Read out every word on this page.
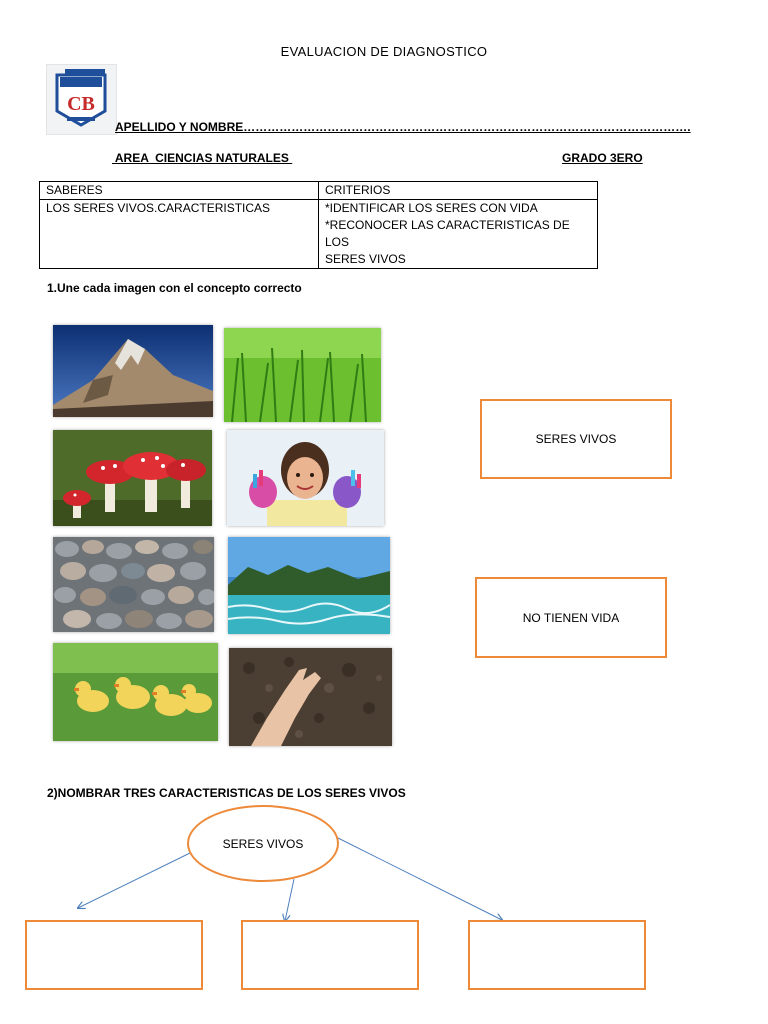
EVALUACION DE DIAGNOSTICO
CB
APELLIDO Y NOMBRE………………………………………………………………………………………………….
AREA  CIENCIAS NATURALES	GRADO 3ERO
SABERES	CRITERIOS
LOS SERES VIVOS.CARACTERISTICAS	*IDENTIFICAR LOS SERES CON VIDA
*RECONOCER LAS CARACTERISTICAS DE LOS
SERES VIVOS
1.Une cada imagen con el concepto correcto
SERES VIVOS
NO TIENEN VIDA
2)NOMBRAR TRES CARACTERISTICAS DE LOS SERES VIVOS
SERES VIVOS
